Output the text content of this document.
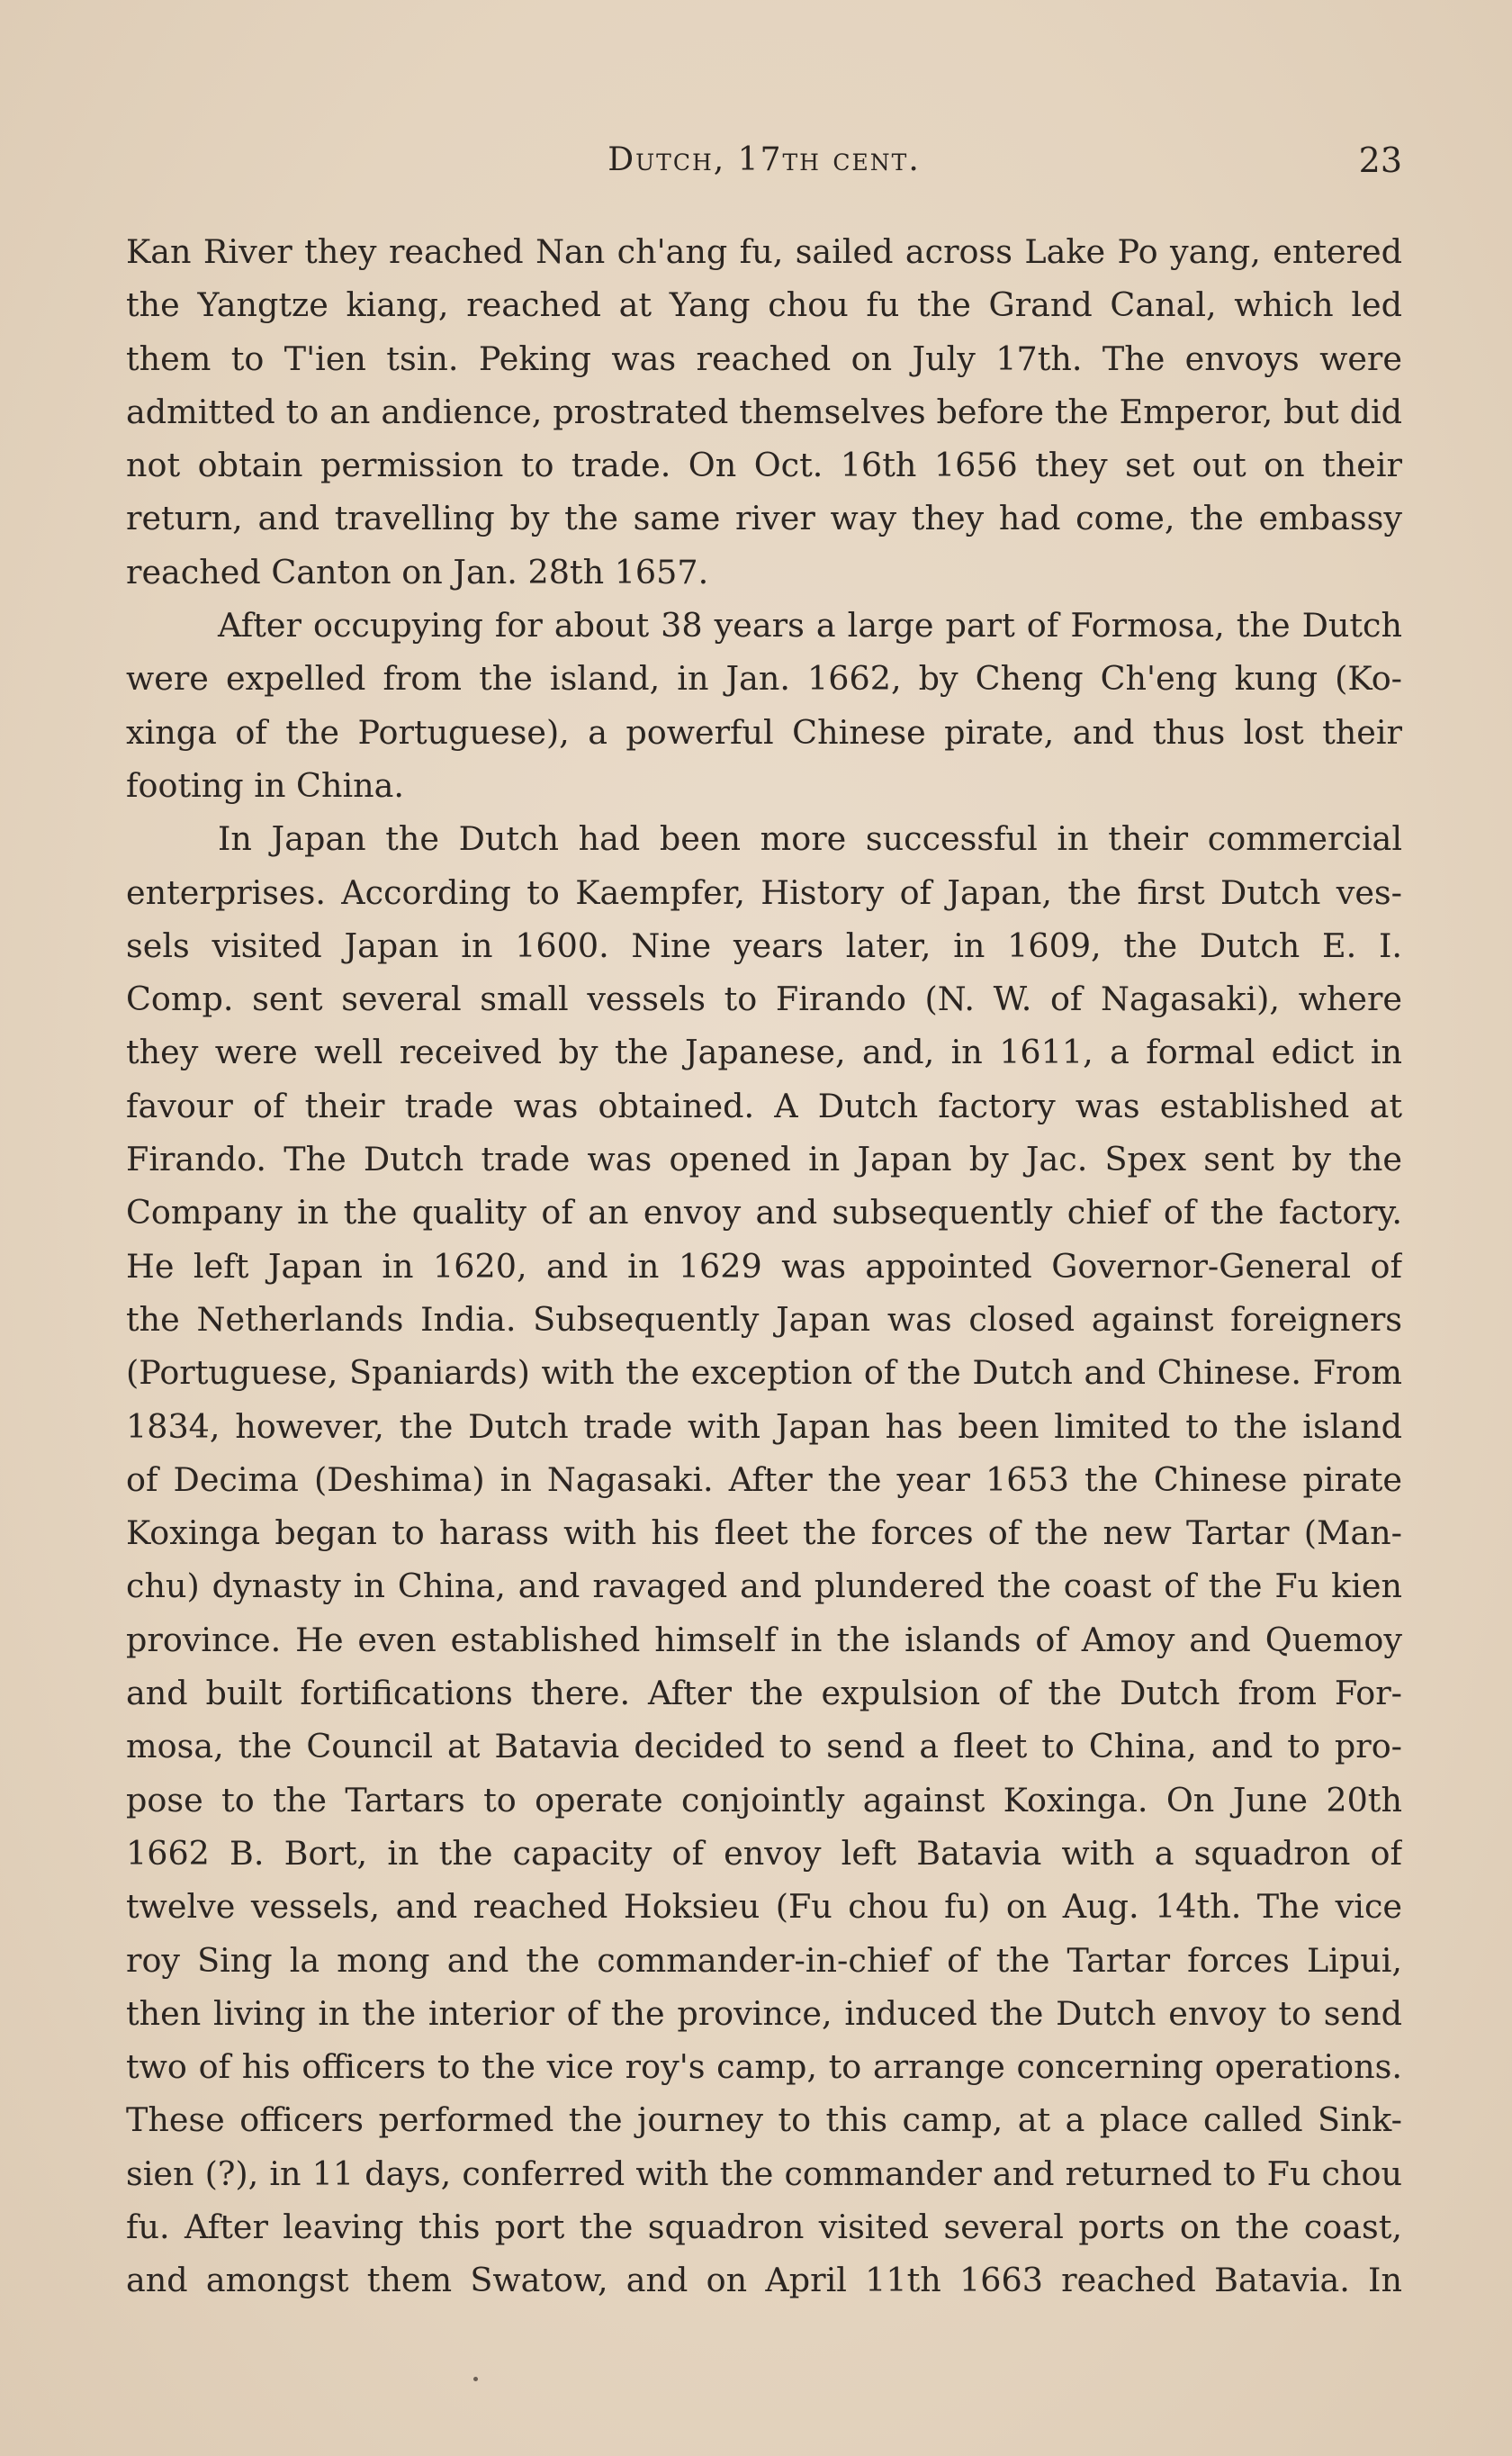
Dutch, 17th cent.	23

Kan River they reached Nan ch'ang fu, sailed across Lake Po yang, entered
the Yangtze kiang, reached at Yang chou fu the Grand Canal, which led
them to T'ien tsin. Peking was reached on July 17th. The envoys were
admitted to an andience, prostrated themselves before the Emperor, but did
not obtain permission to trade. On Oct. 16th 1656 they set out on their
return, and travelling by the same river way they had come, the embassy
reached Canton on Jan. 28th 1657.

After occupying for about 38 years a large part of Formosa, the Dutch
were expelled from the island, in Jan. 1662, by Cheng Ch'eng kung (Ko-
xinga of the Portuguese), a powerful Chinese pirate, and thus lost their
footing in China.

In Japan the Dutch had been more successful in their commercial
enterprises. According to Kaempfer, History of Japan, the first Dutch ves-
sels visited Japan in 1600. Nine years later, in 1609, the Dutch E. I.
Comp. sent several small vessels to Firando (N. W. of Nagasaki), where
they were well received by the Japanese, and, in 1611, a formal edict in
favour of their trade was obtained. A Dutch factory was established at
Firando. The Dutch trade was opened in Japan by Jac. Spex sent by the
Company in the quality of an envoy and subsequently chief of the factory.
He left Japan in 1620, and in 1629 was appointed Governor-General of
the Netherlands India. Subsequently Japan was closed against foreigners
(Portuguese, Spaniards) with the exception of the Dutch and Chinese. From
1834, however, the Dutch trade with Japan has been limited to the island
of Decima (Deshima) in Nagasaki. After the year 1653 the Chinese pirate
Koxinga began to harass with his fleet the forces of the new Tartar (Man-
chu) dynasty in China, and ravaged and plundered the coast of the Fu kien
province. He even established himself in the islands of Amoy and Quemoy
and built fortifications there. After the expulsion of the Dutch from For-
mosa, the Council at Batavia decided to send a fleet to China, and to pro-
pose to the Tartars to operate conjointly against Koxinga. On June 20th
1662 B. Bort, in the capacity of envoy left Batavia with a squadron of
twelve vessels, and reached Hoksieu (Fu chou fu) on Aug. 14th. The vice
roy Sing la mong and the commander-in-chief of the Tartar forces Lipui,
then living in the interior of the province, induced the Dutch envoy to send
two of his officers to the vice roy's camp, to arrange concerning operations.
These officers performed the journey to this camp, at a place called Sink-
sien (?), in 11 days, conferred with the commander and returned to Fu chou
fu. After leaving this port the squadron visited several ports on the coast,
and amongst them Swatow, and on April 11th 1663 reached Batavia. In
